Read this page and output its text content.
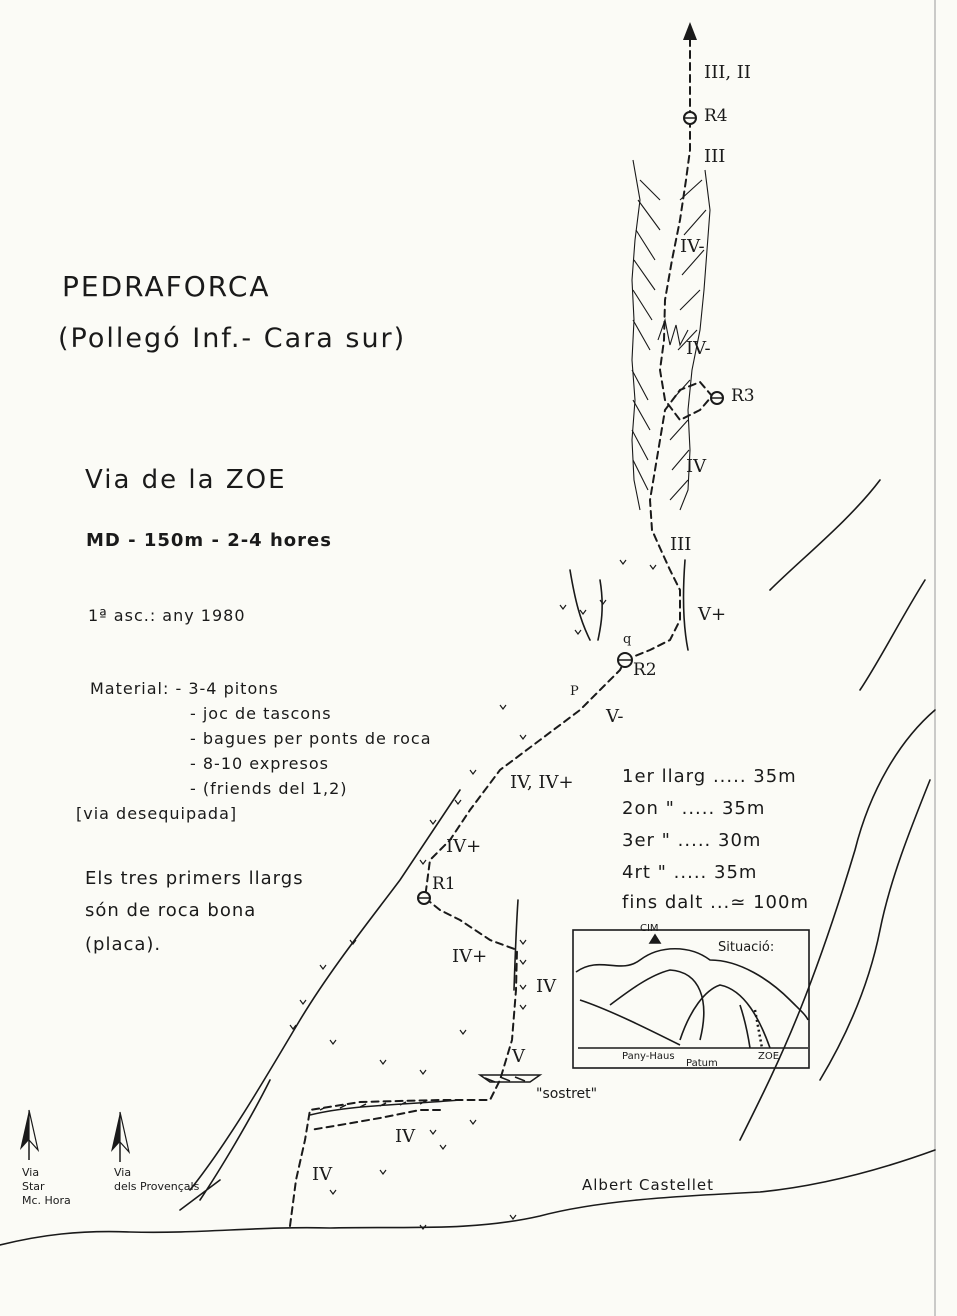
PEDRAFORCA
(Pollegó Inf.- Cara sur)
Via de la ZOE
MD - 150m - 2-4 hores
1ª asc.: any 1980
Material: - 3-4 pitons
- joc de tascons
- bagues per ponts de roca
- 8-10 expresos
- (friends del 1,2)
[via desequipada]
Els tres primers llargs
són de roca bona
(placa).
R4
R3
R2
R1
III, II
III
IV-
IV-
IV
III
V+
V-
IV, IV+
IV+
IV+
IV
V
IV
IV
"sostret"
P
q
1er llarg ..... 35m
2on " ..... 35m
3er " ..... 30m
4rt " ..... 35m
fins dalt ...≃ 100m
Situació:
CIM
Pany-Haus
Patum
ZOE
Via
Star
Mc. Hora
Via
dels Provençals	Albert Castellet
